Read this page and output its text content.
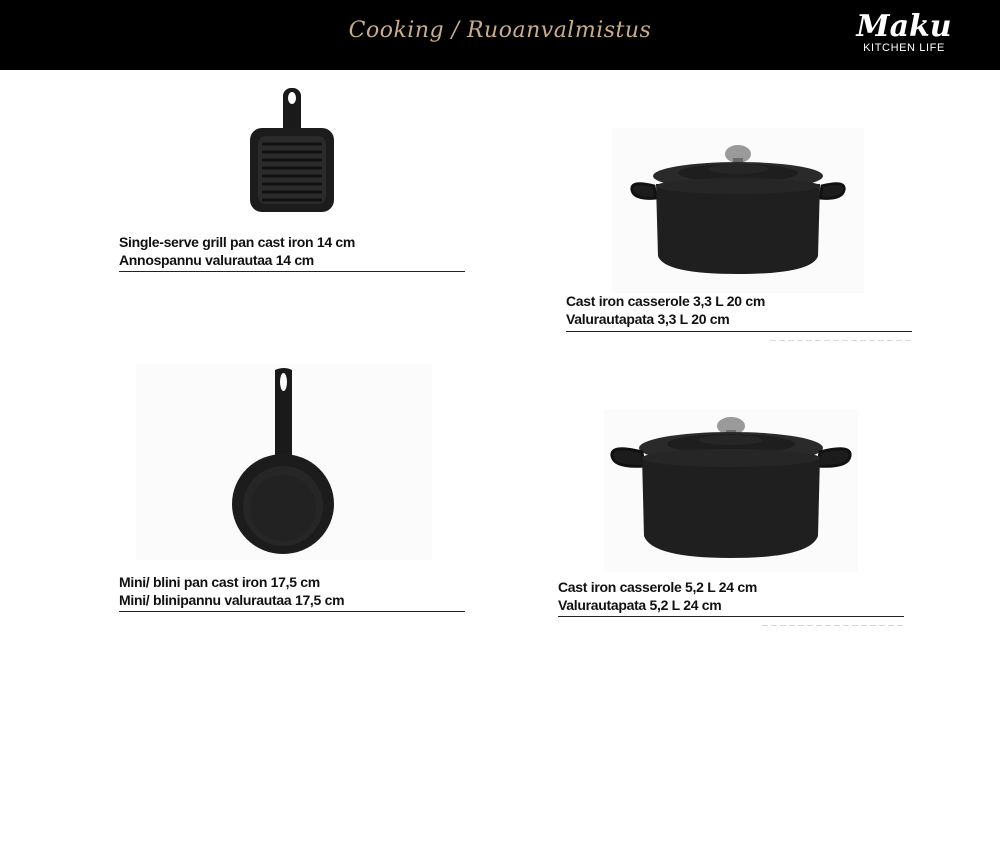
Cooking / Ruoanvalmistus	Maku
KITCHEN LIFE
Single-serve grill pan cast iron 14 cm
Annospannu valurautaa 14 cm
Cast iron casserole 3,3 L 20 cm
Valurautapata 3,3 L 20 cm
Mini/ blini pan cast iron 17,5 cm
Mini/ blinipannu valurautaa 17,5 cm
Cast iron casserole 5,2 L 24 cm
Valurautapata 5,2 L 24 cm
